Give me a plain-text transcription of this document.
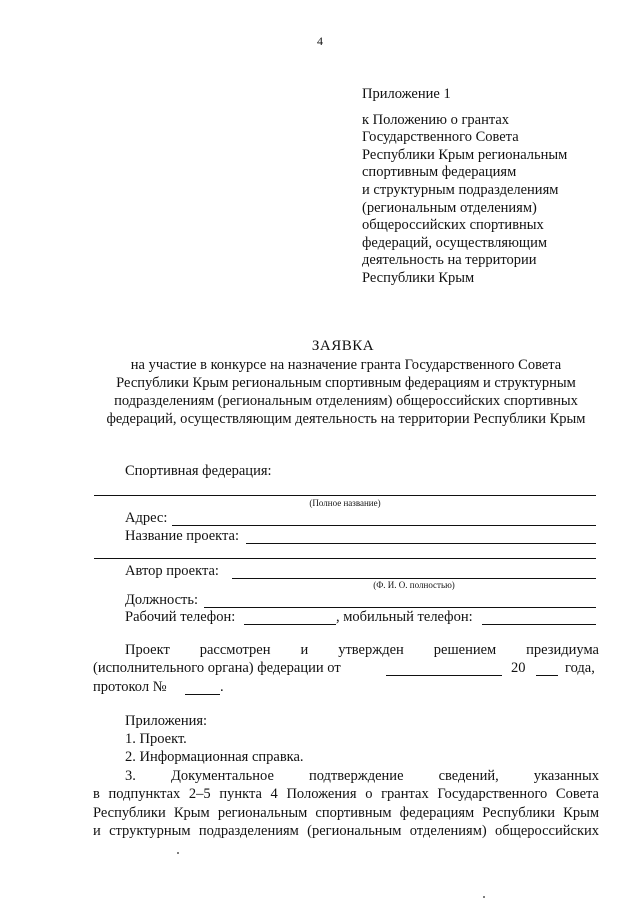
4
Приложение 1
к Положению о грантах
Государственного Совета
Республики Крым региональным
спортивным федерациям
и структурным подразделениям
(региональным отделениям)
общероссийских спортивных
федераций, осуществляющим
деятельность на территории
Республики Крым
ЗАЯВКА
на участие в конкурсе на назначение гранта Государственного Совета
Республики Крым региональным спортивным федерациям и структурным
подразделениям (региональным отделениям) общероссийских спортивных
федераций, осуществляющим деятельность на территории Республики Крым
Спортивная федерация:
(Полное название)
Адрес:
Название проекта:
Автор проекта:
(Ф. И. О. полностью)
Должность:
Рабочий телефон:	, мобильный телефон:
Проект рассмотрен и утвержден решением президиума
(исполнительного органа) федерации от	20	года,
протокол №	.
Приложения:
1. Проект.
2. Информационная справка.
3. Документальное подтверждение сведений, указанных
в подпунктах 2–5 пункта 4 Положения о грантах Государственного Совета
Республики Крым региональным спортивным федерациям Республики Крым
и структурным подразделениям (региональным отделениям) общероссийских
